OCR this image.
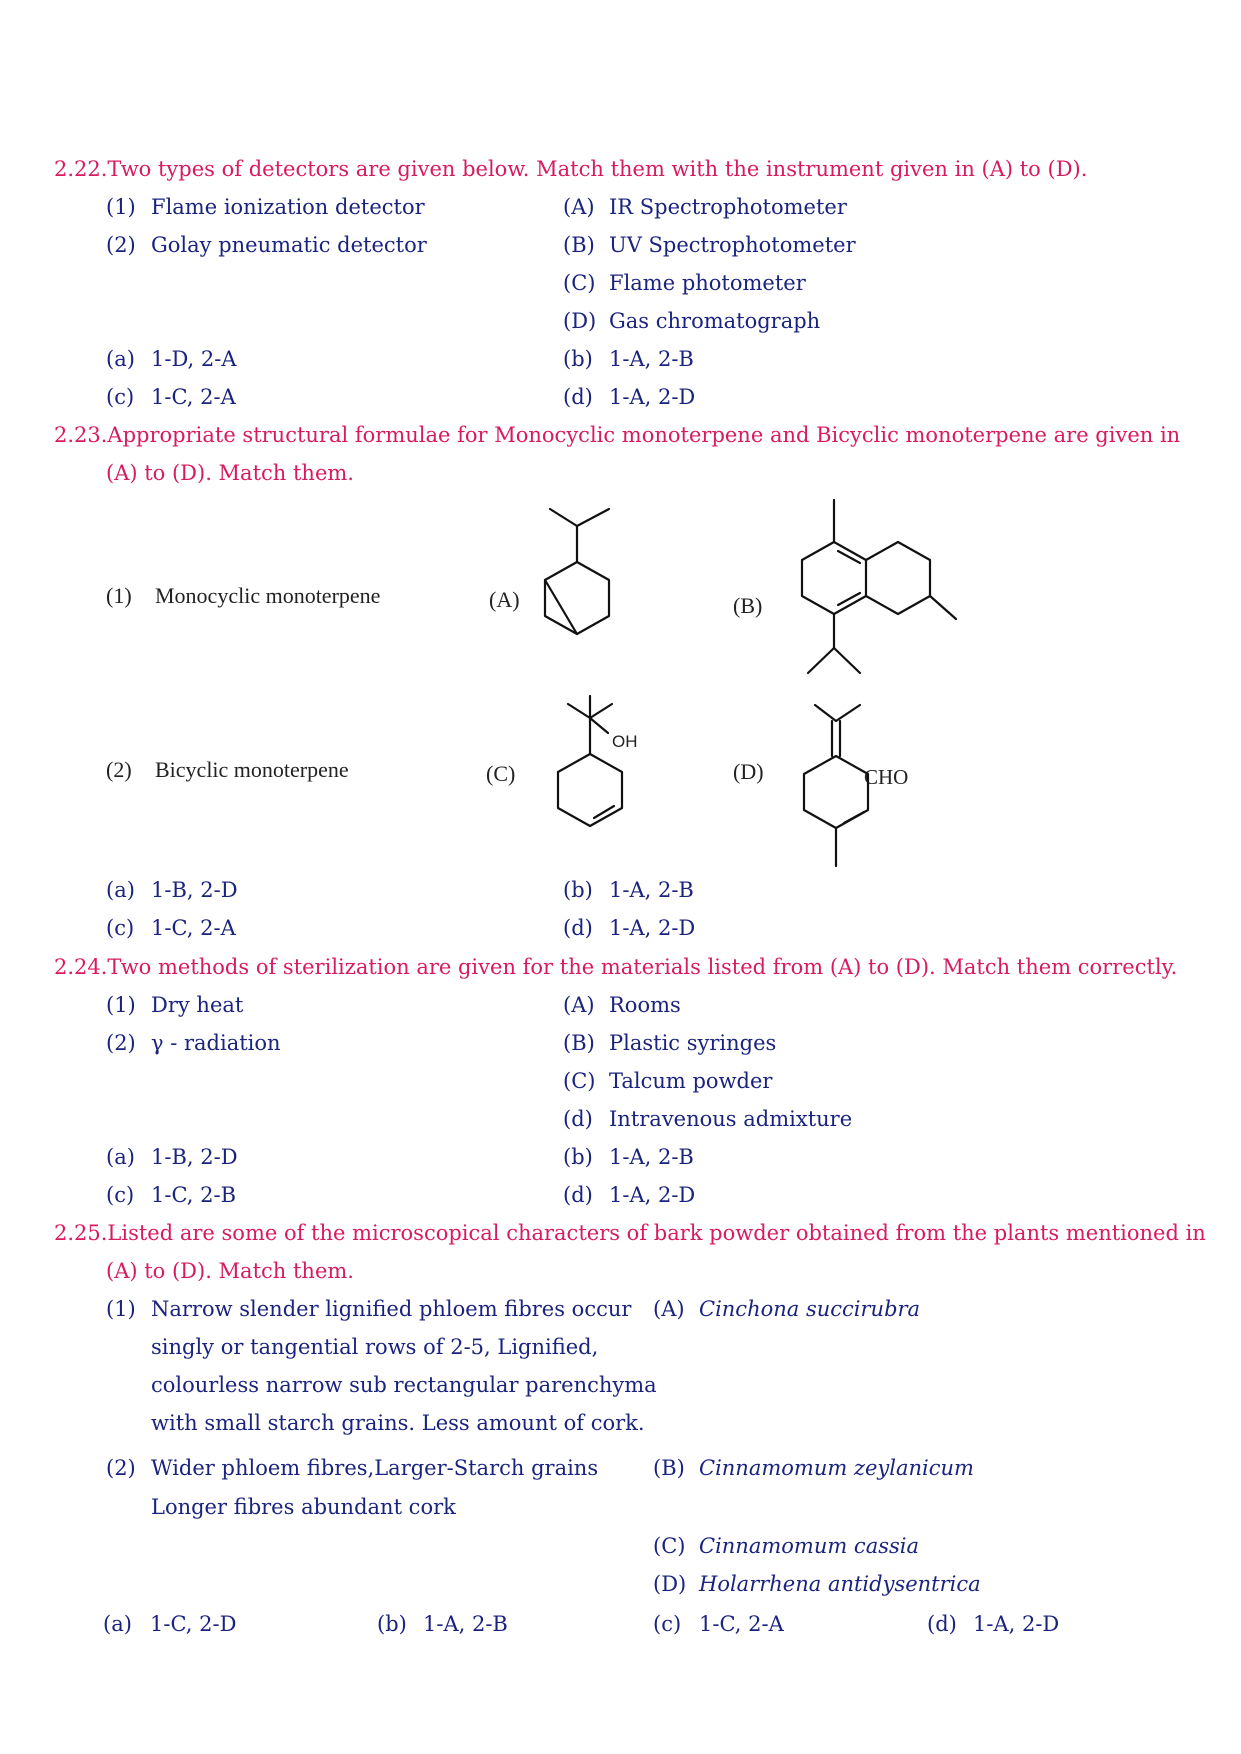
2.22.Two types of detectors are given below. Match them with the instrument given in (A) to (D).
(1) Flame ionization detector
(2) Golay pneumatic detector
(A) IR Spectrophotometer
(B) UV Spectrophotometer
(C) Flame photometer
(D) Gas chromatograph
(a) 1-D, 2-A	(b) 1-A, 2-B
(c) 1-C, 2-A	(d) 1-A, 2-D
2.23.Appropriate structural formulae for Monocyclic monoterpene and Bicyclic monoterpene are given in
(A) to (D). Match them.
(1) Monocyclic monoterpene
(2) Bicyclic monoterpene
(A)	(B)
(C)	(D)
OH
CHO
(a) 1-B, 2-D	(b) 1-A, 2-B
(c) 1-C, 2-A	(d) 1-A, 2-D
2.24.Two methods of sterilization are given for the materials listed from (A) to (D). Match them correctly.
(1) Dry heat
(2) γ - radiation
(A) Rooms
(B) Plastic syringes
(C) Talcum powder
(d) Intravenous admixture
(a) 1-B, 2-D	(b) 1-A, 2-B
(c) 1-C, 2-B	(d) 1-A, 2-D
2.25.Listed are some of the microscopical characters of bark powder obtained from the plants mentioned in
(A) to (D). Match them.
(1) Narrow slender lignified phloem fibres occur
singly or tangential rows of 2-5, Lignified,
colourless narrow sub rectangular parenchyma
with small starch grains. Less amount of cork.
(2) Wider phloem fibres,Larger-Starch grains
Longer fibres abundant cork
(A) Cinchona succirubra
(B) Cinnamomum zeylanicum
(C) Cinnamomum cassia
(D) Holarrhena antidysentrica
(a) 1-C, 2-D	(b) 1-A, 2-B	(c) 1-C, 2-A	(d) 1-A, 2-D
